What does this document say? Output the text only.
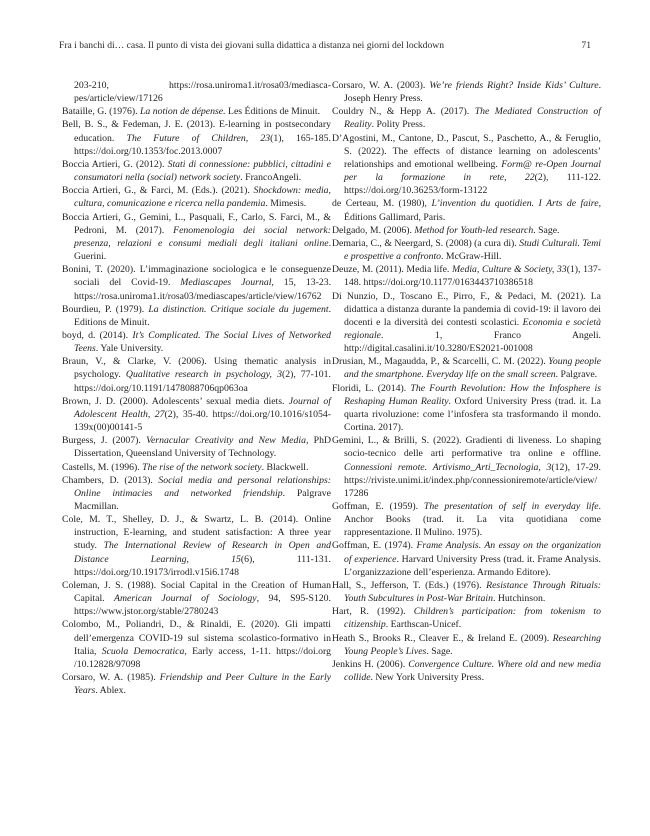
Fra i banchi di… casa. Il punto di vista dei giovani sulla didattica a distanza nei giorni del lockdown	71

203-210, https://rosa.uniroma1.it/rosa03/mediascapes/article/view/17126

Bataille, G. (1976). La notion de dépense. Les Éditions de Minuit.

Bell, B. S., & Fedeman, J. E. (2013). E-learning in postsecondary education. The Future of Children, 23(1), 165-185. https://doi.org/10.1353/foc.2013.0007

Boccia Artieri, G. (2012). Stati di connessione: pubblici, cittadini e consumatori nella (social) network society. FrancoAngeli.

Boccia Artieri, G., & Farci, M. (Eds.). (2021). Shockdown: media, cultura, comunicazione e ricerca nella pandemia. Mimesis.

Boccia Artieri, G., Gemini, L., Pasquali, F., Carlo, S. Farci, M., & Pedroni, M. (2017). Fenomenologia dei social network: presenza, relazioni e consumi mediali degli italiani online. Guerini.

Bonini, T. (2020). L’immaginazione sociologica e le conseguenze sociali del Covid-19. Mediascapes Journal, 15, 13-23. https://rosa.uniroma1.it/rosa03/mediascapes/article/view/16762

Bourdieu, P. (1979). La distinction. Critique sociale du jugement. Editions de Minuit.

boyd, d. (2014). It’s Complicated. The Social Lives of Networked Teens. Yale University.

Braun, V., & Clarke, V. (2006). Using thematic analysis in psychology. Qualitative research in psychology, 3(2), 77-101. https://doi.org/10.1191/1478088706qp063oa

Brown, J. D. (2000). Adolescents’ sexual media diets. Journal of Adolescent Health, 27(2), 35-40. https://doi.org/10.1016/s1054-139x(00)00141-5

Burgess, J. (2007). Vernacular Creativity and New Media, PhD Dissertation, Queensland University of Technology.

Castells, M. (1996). The rise of the network society. Blackwell.

Chambers, D. (2013). Social media and personal relationships: Online intimacies and networked friendship. Palgrave Macmillan.

Cole, M. T., Shelley, D. J., & Swartz, L. B. (2014). Online instruction, E-learning, and student satisfaction: A three year study. The International Review of Research in Open and Distance Learning, 15(6), 111-131. https://doi.org/10.19173/irrodl.v15i6.1748

Coleman, J. S. (1988). Social Capital in the Creation of Human Capital. American Journal of Sociology, 94, S95-S120. https://www.jstor.org/stable/2780243

Colombo, M., Poliandri, D., & Rinaldi, E. (2020). Gli impatti dell’emergenza COVID-19 sul sistema scolastico-formativo in Italia, Scuola Democratica, Early access, 1-11. https://doi.org /10.12828/97098

Corsaro, W. A. (1985). Friendship and Peer Culture in the Early Years. Ablex.

Corsaro, W. A. (2003). We’re friends Right? Inside Kids’ Culture. Joseph Henry Press.

Couldry N., & Hepp A. (2017). The Mediated Construction of Reality. Polity Press.

D’Agostini, M., Cantone, D., Pascut, S., Paschetto, A., & Feruglio, S. (2022). The effects of distance learning on adolescents’ relationships and emotional wellbeing. Form@ re-Open Journal per la formazione in rete, 22(2), 111-122. https://doi.org/10.36253/form-13122

de Certeau, M. (1980), L’invention du quotidien. I Arts de faire, Éditions Gallimard, Paris.

Delgado, M. (2006). Method for Youth-led research. Sage.

Demaria, C., & Neergard, S. (2008) (a cura di). Studi Culturali. Temi e prospettive a confronto. McGraw-Hill.

Deuze, M. (2011). Media life. Media, Culture & Society, 33(1), 137-148. https://doi.org/10.1177/0163443710386518

Di Nunzio, D., Toscano E., Pirro, F., & Pedaci, M. (2021). La didattica a distanza durante la pandemia di covid-19: il lavoro dei docenti e la diversità dei contesti scolastici. Economia e società regionale. 1, Franco Angeli. http://digital.casalini.it/10.3280/ES2021-001008

Drusian, M., Magaudda, P., & Scarcelli, C. M. (2022). Young people and the smartphone. Everyday life on the small screen. Palgrave.

Floridi, L. (2014). The Fourth Revolution: How the Infosphere is Reshaping Human Reality. Oxford University Press (trad. it. La quarta rivoluzione: come l’infosfera sta trasformando il mondo. Cortina. 2017).

Gemini, L., & Brilli, S. (2022). Gradienti di liveness. Lo shaping socio-tecnico delle arti performative tra online e offline. Connessioni remote. Artivismo_Arti_Tecnologia, 3(12), 17-29. https://riviste.unimi.it/index.php/connessioniremote/article/view/17286

Goffman, E. (1959). The presentation of self in everyday life. Anchor Books (trad. it. La vita quotidiana come rappresentazione. Il Mulino. 1975).

Goffman, E. (1974). Frame Analysis. An essay on the organization of experience. Harvard University Press (trad. it. Frame Analysis. L’organizzazione dell’esperienza. Armando Editore).

Hall, S., Jefferson, T. (Eds.) (1976). Resistance Through Rituals: Youth Subcultures in Post-War Britain. Hutchinson.

Hart, R. (1992). Children’s participation: from tokenism to citizenship. Earthscan-Unicef.

Heath S., Brooks R., Cleaver E., & Ireland E. (2009). Researching Young People’s Lives. Sage.

Jenkins H. (2006). Convergence Culture. Where old and new media collide. New York University Press.
